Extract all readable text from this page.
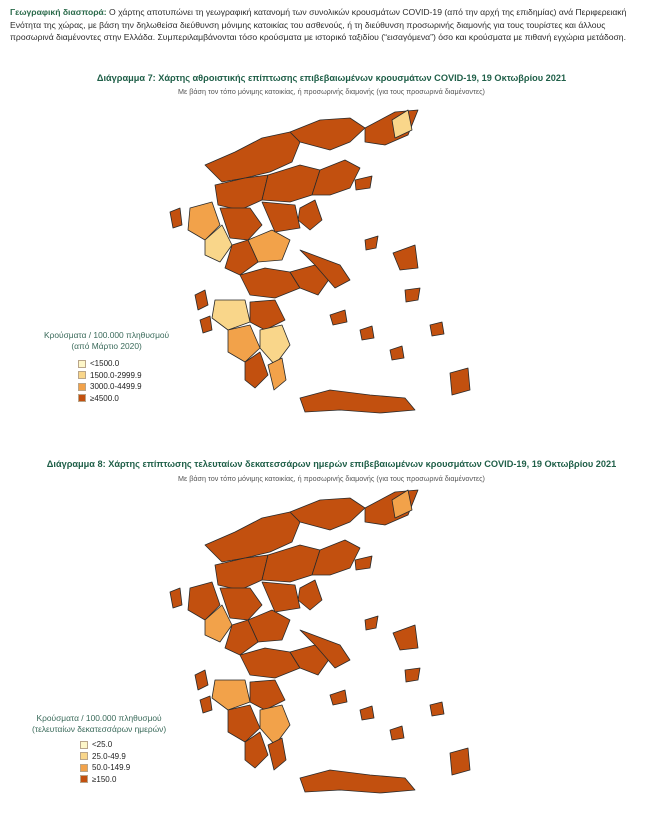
Γεωγραφική διασπορά: Ο χάρτης αποτυπώνει τη γεωγραφική κατανομή των συνολικών κρουσμάτων COVID-19 (από την αρχή της επιδημίας) ανά Περιφερειακή Ενότητα της χώρας, με βάση την δηλωθείσα διεύθυνση μόνιμης κατοικίας του ασθενούς, ή τη διεύθυνση προσωρινής διαμονής για τους τουρίστες και άλλους προσωρινά διαμένοντες στην Ελλάδα. Συμπεριλαμβάνονται τόσο κρούσματα με ιστορικό ταξιδίου (“εισαγόμενα”) όσο και κρούσματα με πιθανή εγχώρια μετάδοση.
Διάγραμμα 7: Χάρτης αθροιστικής επίπτωσης επιβεβαιωμένων κρουσμάτων COVID-19, 19 Οκτωβρίου 2021
Με βάση τον τόπο μόνιμης κατοικίας, ή προσωρινής διαμονής (για τους προσωρινά διαμένοντες)
Κρούσματα / 100.000 πληθυσμού
(από Μάρτιο 2020)
<1500.0
1500.0-2999.9
3000.0-4499.9
≥4500.0
Διάγραμμα 8: Χάρτης επίπτωσης τελευταίων δεκατεσσάρων ημερών επιβεβαιωμένων κρουσμάτων COVID-19, 19 Οκτωβρίου 2021
Με βάση τον τόπο μόνιμης κατοικίας, ή προσωρινής διαμονής (για τους προσωρινά διαμένοντες)
Κρούσματα / 100.000 πληθυσμού
(τελευταίων δεκατεσσάρων ημερών)
<25.0
25.0-49.9
50.0-149.9
≥150.0
